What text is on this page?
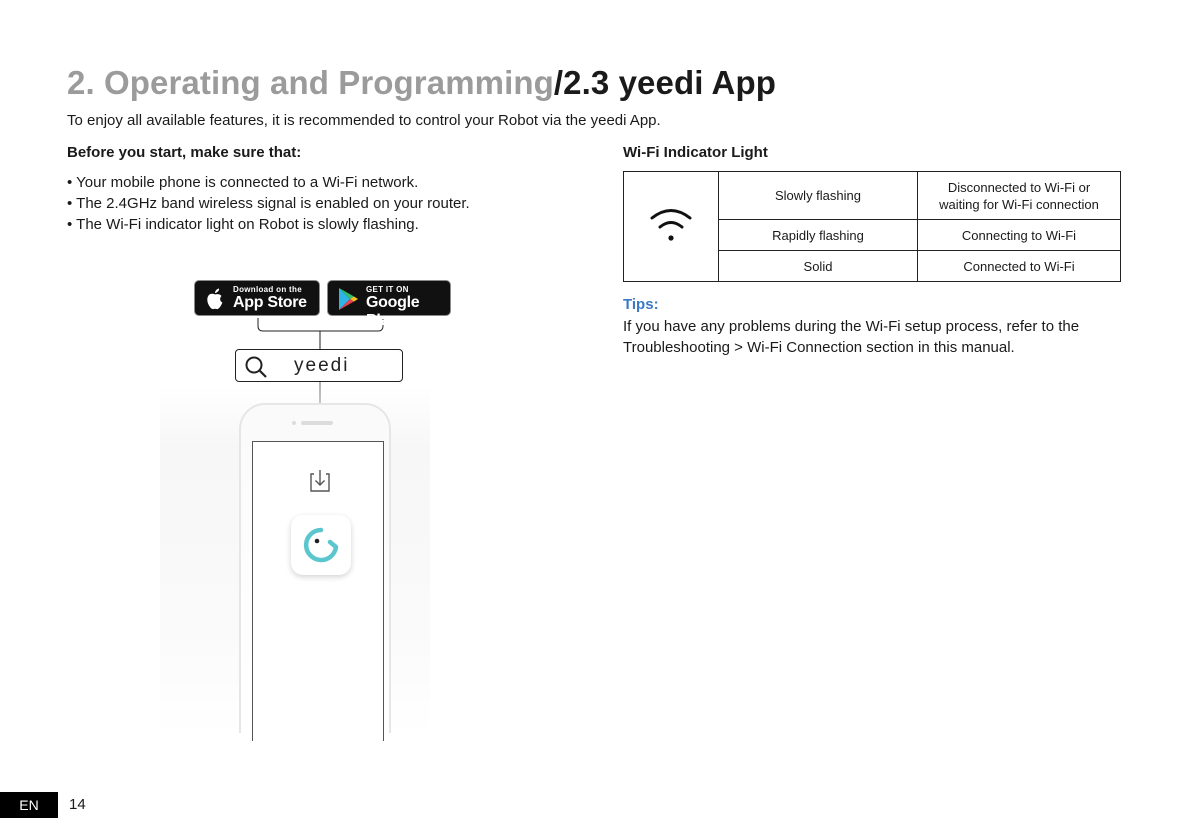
2. Operating and Programming/2.3 yeedi App
To enjoy all available features, it is recommended to control your Robot via the yeedi App.
Before you start, make sure that:
• Your mobile phone is connected to a Wi-Fi network.
• The 2.4GHz band wireless signal is enabled on your router.
• The Wi-Fi indicator light on Robot is slowly flashing.
Download on the
App Store
GET IT ON
Google Play
yeedi
Wi-Fi Indicator Light
	Slowly flashing	Disconnected to Wi-Fi or
waiting for Wi-Fi connection
	Rapidly flashing	Connecting to Wi-Fi
	Solid	Connected to Wi-Fi
Tips:
If you have any problems during the Wi-Fi setup process, refer to the Troubleshooting > Wi-Fi Connection section in this manual.
EN	14
